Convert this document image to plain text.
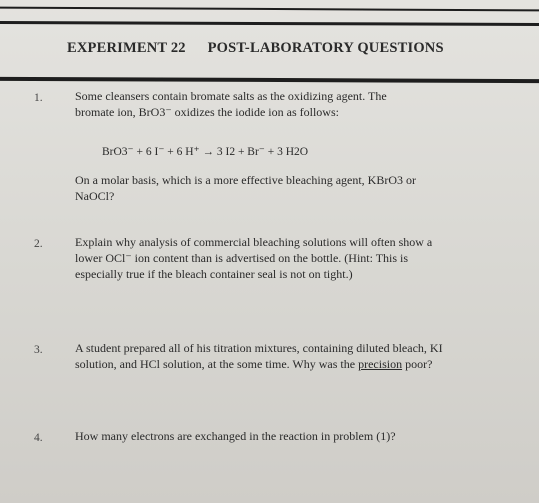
EXPERIMENT 22 POST-LABORATORY QUESTIONS
1.	Some cleansers contain bromate salts as the oxidizing agent. The
bromate ion, BrO3⁻ oxidizes the iodide ion as follows:
BrO3⁻ + 6 I⁻ + 6 H⁺ → 3 I2 + Br⁻ + 3 H2O
On a molar basis, which is a more effective bleaching agent, KBrO3 or
NaOCl?
2.	Explain why analysis of commercial bleaching solutions will often show a
lower OCl⁻ ion content than is advertised on the bottle. (Hint: This is
especially true if the bleach container seal is not on tight.)
3.	A student prepared all of his titration mixtures, containing diluted bleach, KI
solution, and HCl solution, at the some time. Why was the precision poor?
4.	How many electrons are exchanged in the reaction in problem (1)?
